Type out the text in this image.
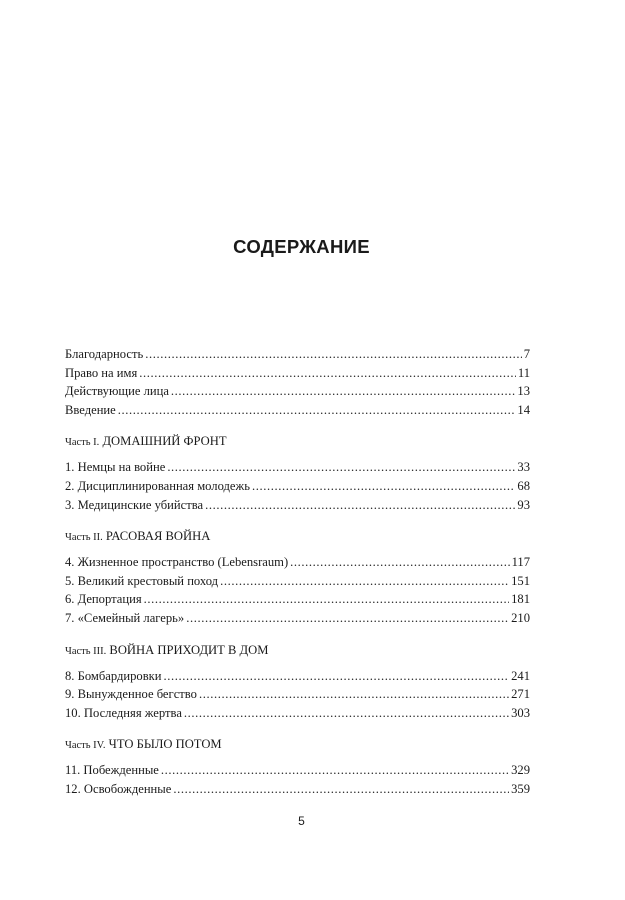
СОДЕРЖАНИЕ
Благодарность .....	7
Право на имя .....	11
Действующие лица .....	13
Введение .....	14
Часть I. ДОМАШНИЙ ФРОНТ
1. Немцы на войне .....	33
2. Дисциплинированная молодежь .....	68
3. Медицинские убийства .....	93
Часть II. РАСОВАЯ ВОЙНА
4. Жизненное пространство (Lebensraum) .....	117
5. Великий крестовый поход .....	151
6. Депортация .....	181
7. «Семейный лагерь» .....	210
Часть III. ВОЙНА ПРИХОДИТ В ДОМ
8. Бомбардировки .....	241
9. Вынужденное бегство .....	271
10. Последняя жертва .....	303
Часть IV. ЧТО БЫЛО ПОТОМ
11. Побежденные .....	329
12. Освобожденные .....	359
5
